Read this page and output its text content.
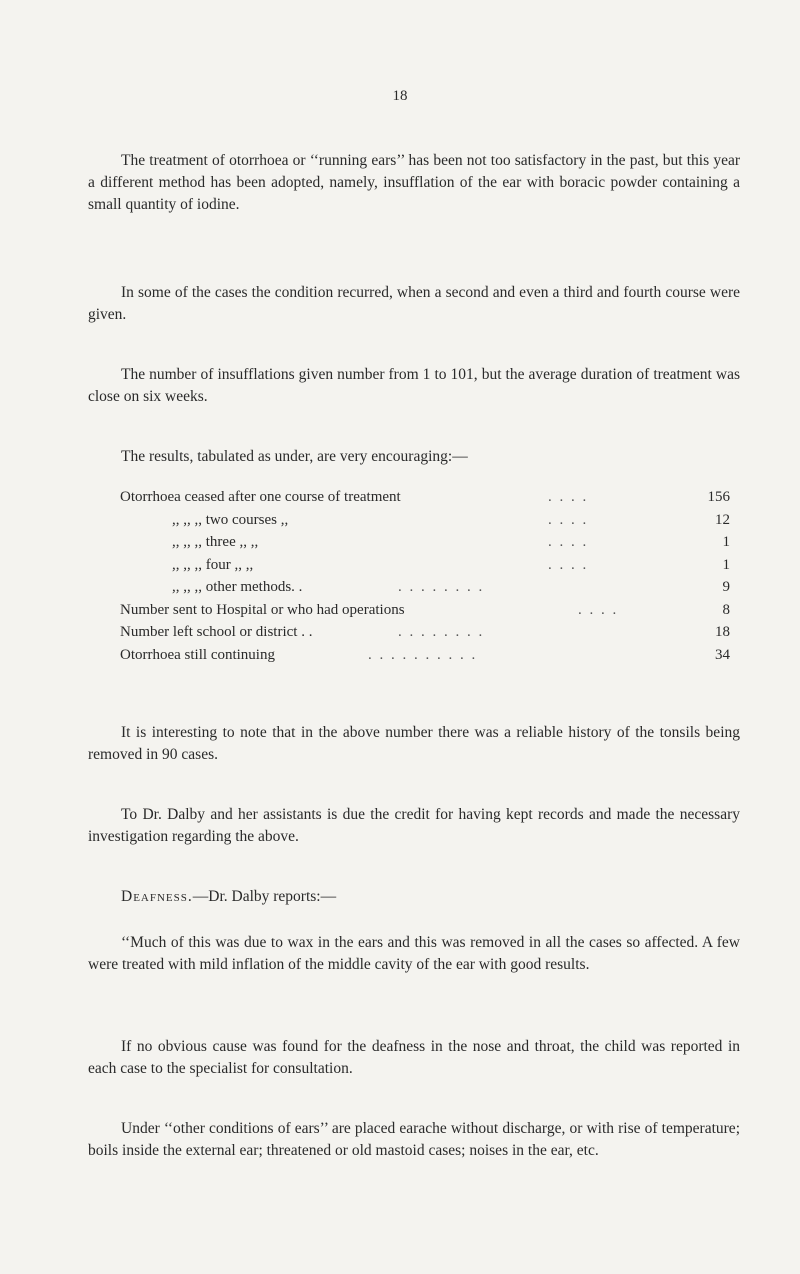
18

The treatment of otorrhoea or ‘‘running ears’’ has been not too satisfactory in the past, but this year a different method has been adopted, namely, insufflation of the ear with boracic powder containing a small quantity of iodine.

In some of the cases the condition recurred, when a second and even a third and fourth course were given.

The number of insufflations given number from 1 to 101, but the average duration of treatment was close on six weeks.

The results, tabulated as under, are very encouraging:—

Otorrhoea ceased after one course of treatment	. . . .	156
,, ,, ,, two courses ,,	. . . .	12
,, ,, ,, three ,, ,,	. . . .	1
,, ,, ,, four ,, ,,	. . . .	1
,, ,, ,, other methods. .	. . . . . . . .	9
Number sent to Hospital or who had operations	. . . .	8
Number left school or district . .	. . . . . . . .	18
Otorrhoea still continuing	. . . . . . . . . .	34

It is interesting to note that in the above number there was a reliable history of the tonsils being removed in 90 cases.

To Dr. Dalby and her assistants is due the credit for having kept records and made the necessary investigation regarding the above.

Deafness.—Dr. Dalby reports:—

‘‘Much of this was due to wax in the ears and this was removed in all the cases so affected. A few were treated with mild inflation of the middle cavity of the ear with good results.

If no obvious cause was found for the deafness in the nose and throat, the child was reported in each case to the specialist for consultation.

Under ‘‘other conditions of ears’’ are placed earache without discharge, or with rise of temperature; boils inside the external ear; threatened or old mastoid cases; noises in the ear, etc.
